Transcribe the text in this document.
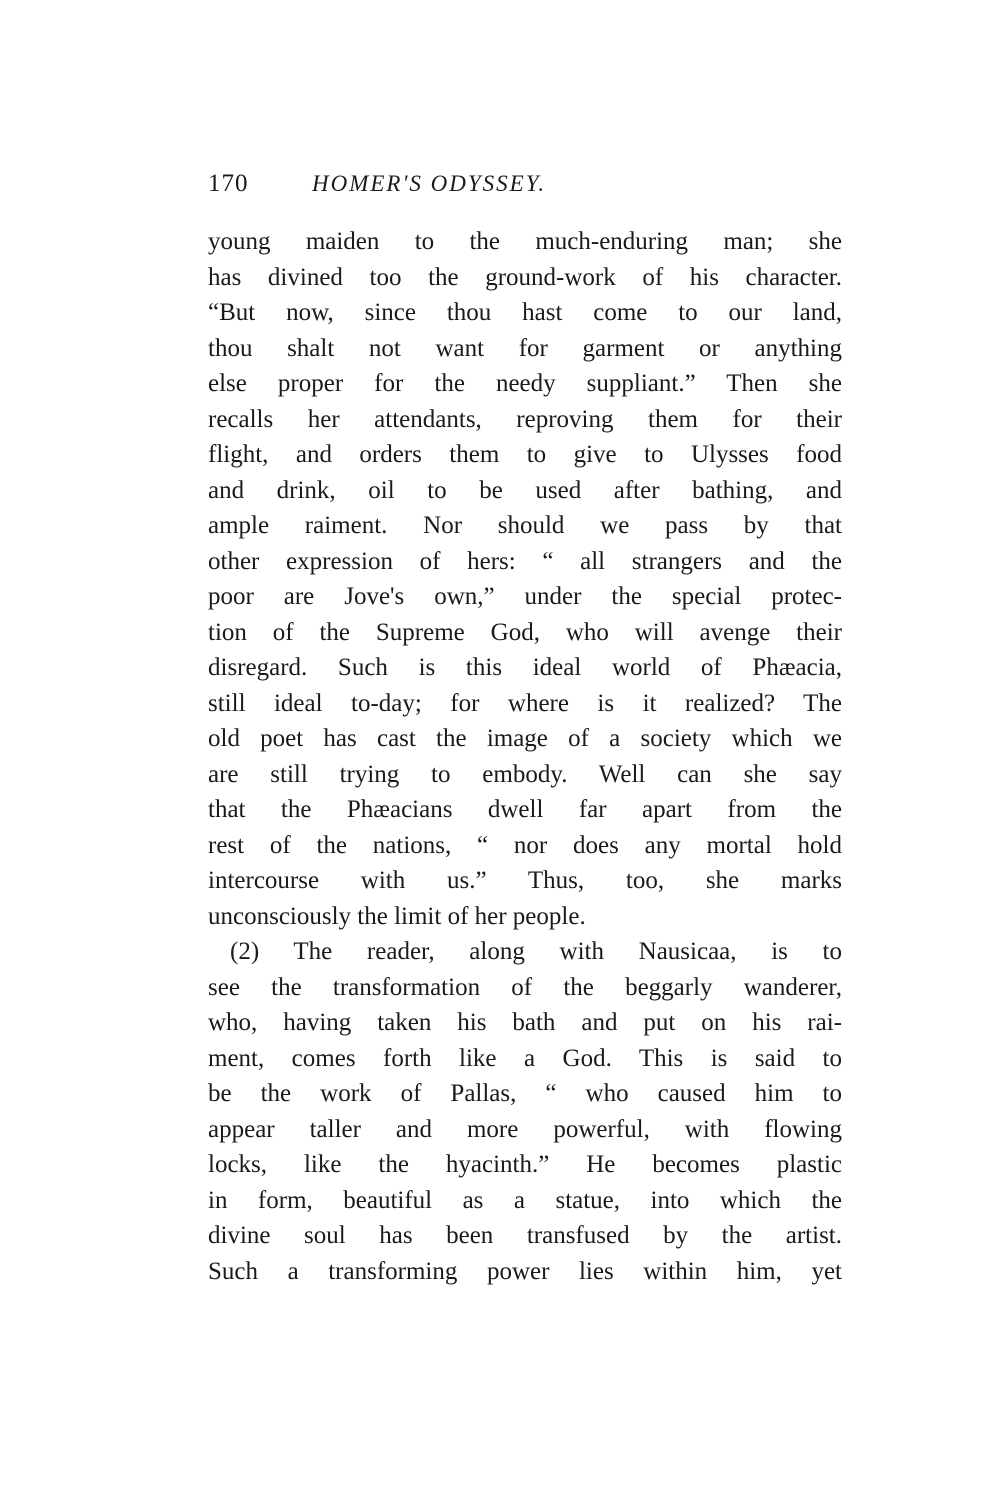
170	HOMER'S ODYSSEY.
young maiden to the much-enduring man; she
has divined too the ground-work of his character.
“But now, since thou hast come to our land,
thou shalt not want for garment or anything
else proper for the needy suppliant.” Then she
recalls her attendants, reproving them for their
flight, and orders them to give to Ulysses food
and drink, oil to be used after bathing, and
ample raiment. Nor should we pass by that
other expression of hers: “ all strangers and the
poor are Jove's own,” under the special protec-
tion of the Supreme God, who will avenge their
disregard. Such is this ideal world of Phæacia,
still ideal to-day; for where is it realized? The
old poet has cast the image of a society which we
are still trying to embody. Well can she say
that the Phæacians dwell far apart from the
rest of the nations, “ nor does any mortal hold
intercourse with us.” Thus, too, she marks
unconsciously the limit of her people.
(2) The reader, along with Nausicaa, is to
see the transformation of the beggarly wanderer,
who, having taken his bath and put on his rai-
ment, comes forth like a God. This is said to
be the work of Pallas, “ who caused him to
appear taller and more powerful, with flowing
locks, like the hyacinth.” He becomes plastic
in form, beautiful as a statue, into which the
divine soul has been transfused by the artist.
Such a transforming power lies within him, yet
